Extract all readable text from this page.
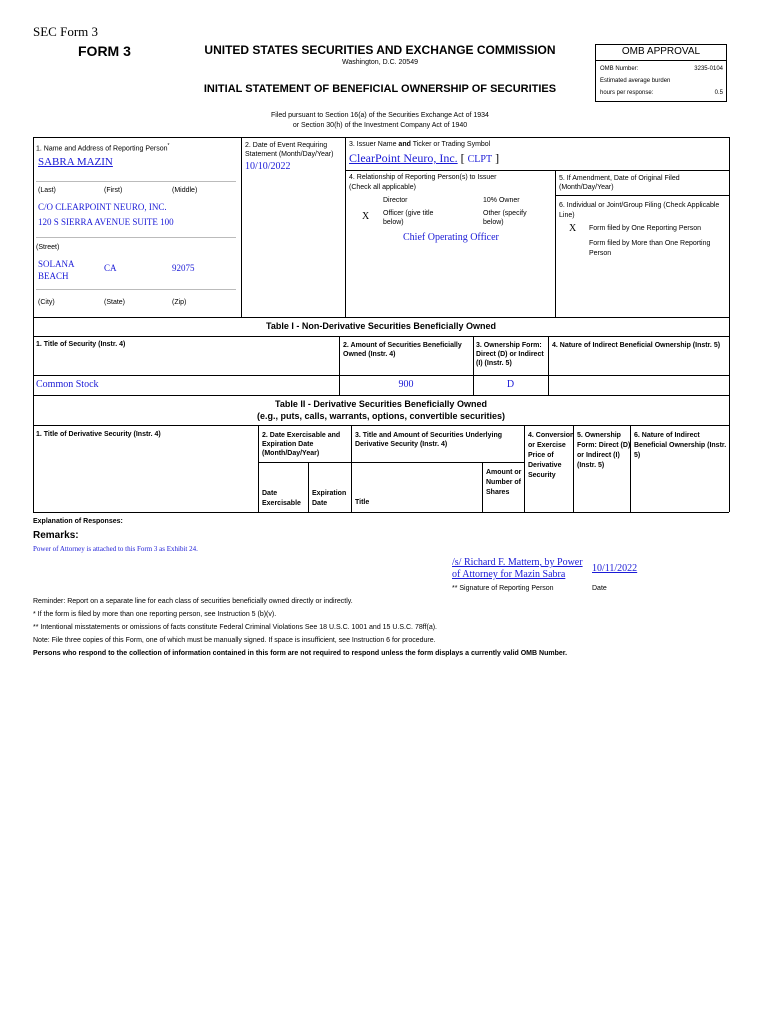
SEC Form 3
FORM 3	UNITED STATES SECURITIES AND EXCHANGE COMMISSION
Washington, D.C. 20549
INITIAL STATEMENT OF BENEFICIAL OWNERSHIP OF SECURITIES
Filed pursuant to Section 16(a) of the Securities Exchange Act of 1934
or Section 30(h) of the Investment Company Act of 1940
OMB APPROVAL
OMB Number:	3235-0104
Estimated average burden
hours per response:	0.5
1. Name and Address of Reporting Person*
SABRA MAZIN
(Last)	(First)	(Middle)
C/O CLEARPOINT NEURO, INC.
120 S SIERRA AVENUE SUITE 100
(Street)
SOLANA BEACH
CA	92075
(City)	(State)	(Zip)
2. Date of Event Requiring Statement (Month/Day/Year)
10/10/2022
3. Issuer Name and Ticker or Trading Symbol
ClearPoint Neuro, Inc. [ CLPT ]
4. Relationship of Reporting Person(s) to Issuer
(Check all applicable)
Director	10% Owner
X Officer (give title below)
Other (specify below)
Chief Operating Officer
5. If Amendment, Date of Original Filed (Month/Day/Year)
6. Individual or Joint/Group Filing (Check Applicable Line)
X Form filed by One Reporting Person
Form filed by More than One Reporting Person
Table I - Non-Derivative Securities Beneficially Owned
1. Title of Security (Instr. 4)	2. Amount of Securities Beneficially Owned (Instr. 4)
3. Ownership Form: Direct (D) or Indirect (I) (Instr. 5)
4. Nature of Indirect Beneficial Ownership (Instr. 5)
Common Stock	900	D
Table II - Derivative Securities Beneficially Owned
(e.g., puts, calls, warrants, options, convertible securities)
1. Title of Derivative Security (Instr. 4)	2. Date Exercisable and Expiration Date (Month/Day/Year)
3. Title and Amount of Securities Underlying Derivative Security (Instr. 4)
4. Conversion or Exercise Price of Derivative Security
5. Ownership Form: Direct (D) or Indirect (I) (Instr. 5)
6. Nature of Indirect Beneficial Ownership (Instr. 5)
Date Exercisable
Expiration Date	Title
Amount or Number of Shares
Explanation of Responses:
Remarks:
Power of Attorney is attached to this Form 3 as Exhibit 24.
/s/ Richard F. Mattern, by Power
of Attorney for Mazin Sabra
10/11/2022
** Signature of Reporting Person	Date
Reminder: Report on a separate line for each class of securities beneficially owned directly or indirectly.
* If the form is filed by more than one reporting person, see Instruction 5 (b)(v).
** Intentional misstatements or omissions of facts constitute Federal Criminal Violations See 18 U.S.C. 1001 and 15 U.S.C. 78ff(a).
Note: File three copies of this Form, one of which must be manually signed. If space is insufficient, see Instruction 6 for procedure.
Persons who respond to the collection of information contained in this form are not required to respond unless the form displays a currently valid OMB Number.
